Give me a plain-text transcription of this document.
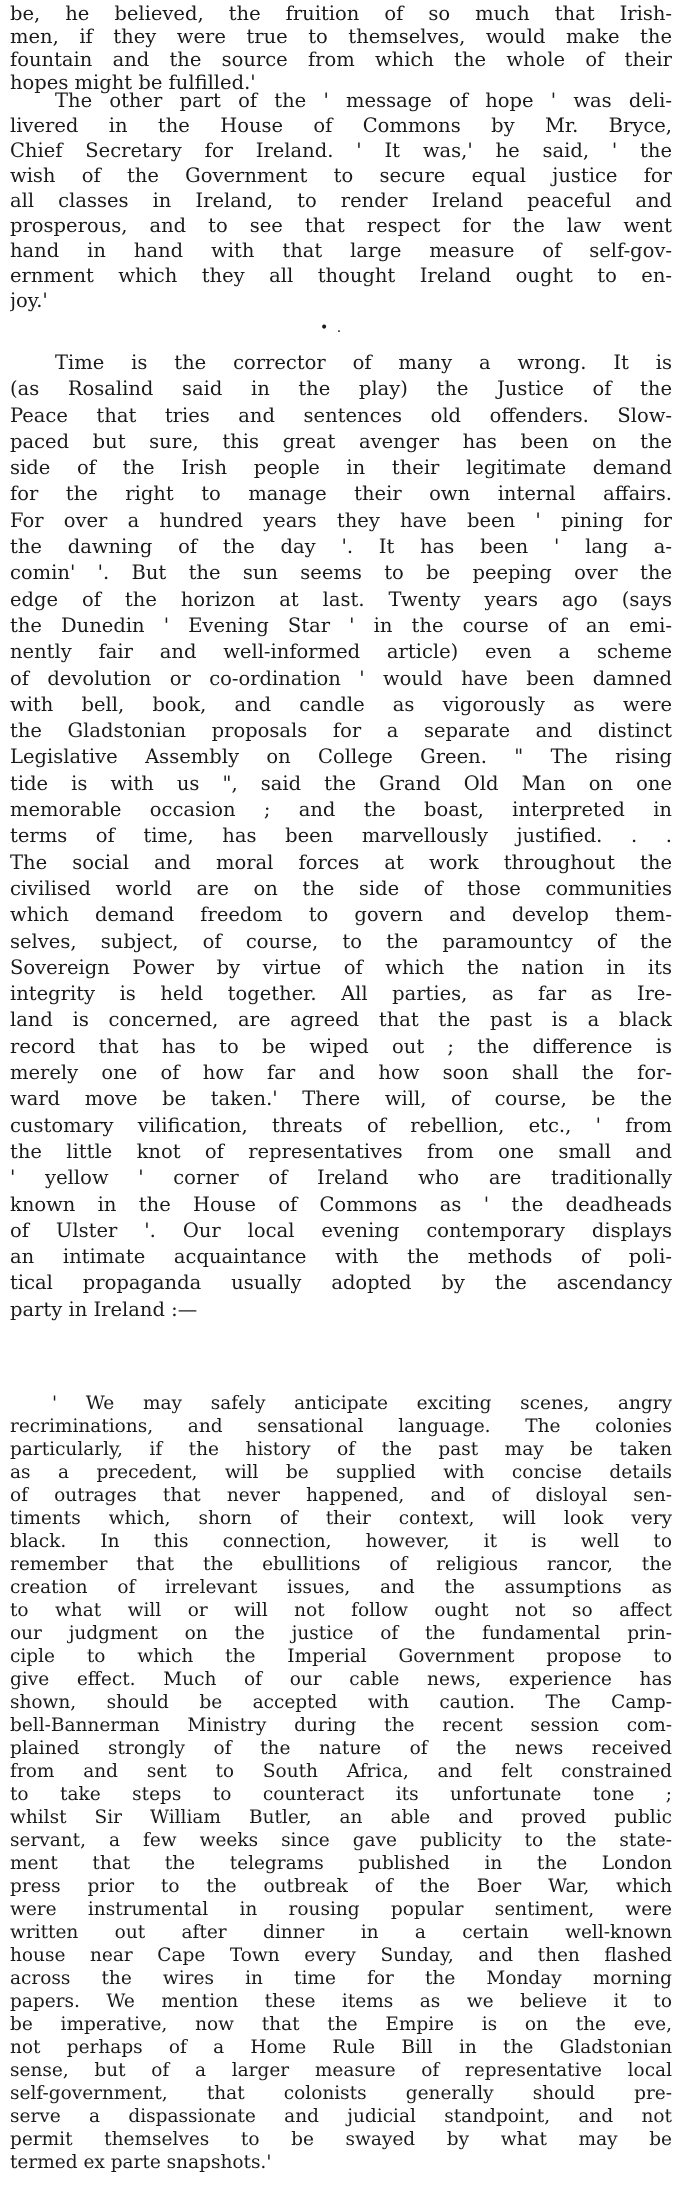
be, he believed, the fruition of so much that Irish-
men, if they were true to themselves, would make the
fountain and the source from which the whole of their
hopes might be fulfilled.'
The other part of the ' message of hope ' was deli-
livered in the House of Commons by Mr. Bryce,
Chief Secretary for Ireland. ' It was,' he said, ' the
wish of the Government to secure equal justice for
all classes in Ireland, to render Ireland peaceful and
prosperous, and to see that respect for the law went
hand in hand with that large measure of self-gov-
ernment which they all thought Ireland ought to en-
joy.'
• .
Time is the corrector of many a wrong. It is
(as Rosalind said in the play) the Justice of the
Peace that tries and sentences old offenders. Slow-
paced but sure, this great avenger has been on the
side of the Irish people in their legitimate demand
for the right to manage their own internal affairs.
For over a hundred years they have been ' pining for
the dawning of the day '. It has been ' lang a-
comin' '. But the sun seems to be peeping over the
edge of the horizon at last. Twenty years ago (says
the Dunedin ' Evening Star ' in the course of an emi-
nently fair and well-informed article) even a scheme
of devolution or co-ordination ' would have been damned
with bell, book, and candle as vigorously as were
the Gladstonian proposals for a separate and distinct
Legislative Assembly on College Green. " The rising
tide is with us ", said the Grand Old Man on one
memorable occasion ; and the boast, interpreted in
terms of time, has been marvellously justified. . .
The social and moral forces at work throughout the
civilised world are on the side of those communities
which demand freedom to govern and develop them-
selves, subject, of course, to the paramountcy of the
Sovereign Power by virtue of which the nation in its
integrity is held together. All parties, as far as Ire-
land is concerned, are agreed that the past is a black
record that has to be wiped out ; the difference is
merely one of how far and how soon shall the for-
ward move be taken.' There will, of course, be the
customary vilification, threats of rebellion, etc., ' from
the little knot of representatives from one small and
' yellow ' corner of Ireland who are traditionally
known in the House of Commons as ' the deadheads
of Ulster '. Our local evening contemporary displays
an intimate acquaintance with the methods of poli-
tical propaganda usually adopted by the ascendancy
party in Ireland :—
' We may safely anticipate exciting scenes, angry
recriminations, and sensational language. The colonies
particularly, if the history of the past may be taken
as a precedent, will be supplied with concise details
of outrages that never happened, and of disloyal sen-
timents which, shorn of their context, will look very
black. In this connection, however, it is well to
remember that the ebullitions of religious rancor, the
creation of irrelevant issues, and the assumptions as
to what will or will not follow ought not so affect
our judgment on the justice of the fundamental prin-
ciple to which the Imperial Government propose to
give effect. Much of our cable news, experience has
shown, should be accepted with caution. The Camp-
bell-Bannerman Ministry during the recent session com-
plained strongly of the nature of the news received
from and sent to South Africa, and felt constrained
to take steps to counteract its unfortunate tone ;
whilst Sir William Butler, an able and proved public
servant, a few weeks since gave publicity to the state-
ment that the telegrams published in the London
press prior to the outbreak of the Boer War, which
were instrumental in rousing popular sentiment, were
written out after dinner in a certain well-known
house near Cape Town every Sunday, and then flashed
across the wires in time for the Monday morning
papers. We mention these items as we believe it to
be imperative, now that the Empire is on the eve,
not perhaps of a Home Rule Bill in the Gladstonian
sense, but of a larger measure of representative local
self-government, that colonists generally should pre-
serve a dispassionate and judicial standpoint, and not
permit themselves to be swayed by what may be
termed ex parte snapshots.'
